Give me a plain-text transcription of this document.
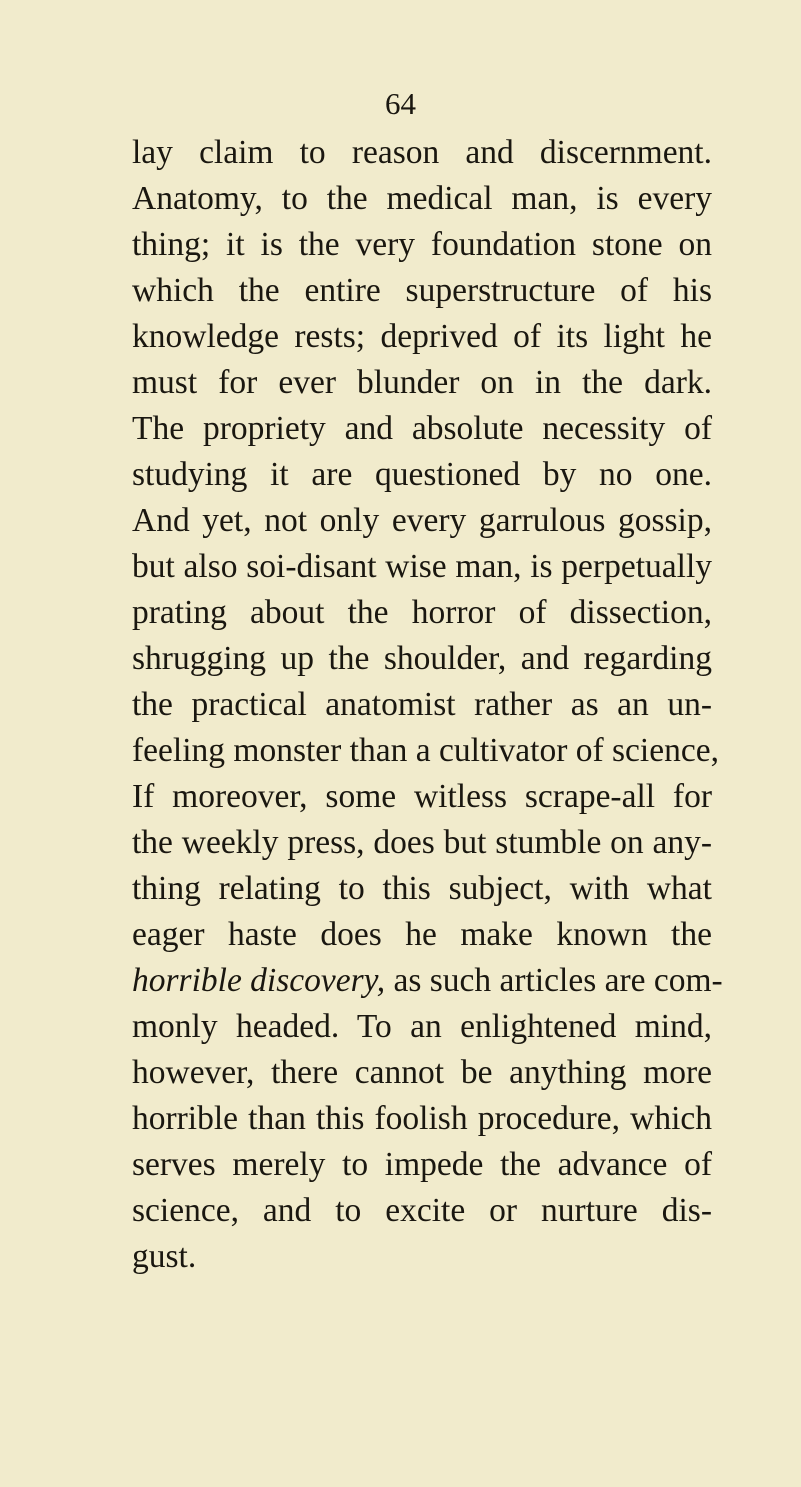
64
lay claim to reason and discernment.
Anatomy, to the medical man, is every
thing; it is the very foundation stone on
which the entire superstructure of his
knowledge rests; deprived of its light he
must for ever blunder on in the dark.
The propriety and absolute necessity of
studying it are questioned by no one.
And yet, not only every garrulous gossip,
but also soi-disant wise man, is perpetually
prating about the horror of dissection,
shrugging up the shoulder, and regarding
the practical anatomist rather as an un-
feeling monster than a cultivator of science,
If moreover, some witless scrape-all for
the weekly press, does but stumble on any-
thing relating to this subject, with what
eager haste does he make known the
horrible discovery, as such articles are com-
monly headed. To an enlightened mind,
however, there cannot be anything more
horrible than this foolish procedure, which
serves merely to impede the advance of
science, and to excite or nurture dis-
gust.
